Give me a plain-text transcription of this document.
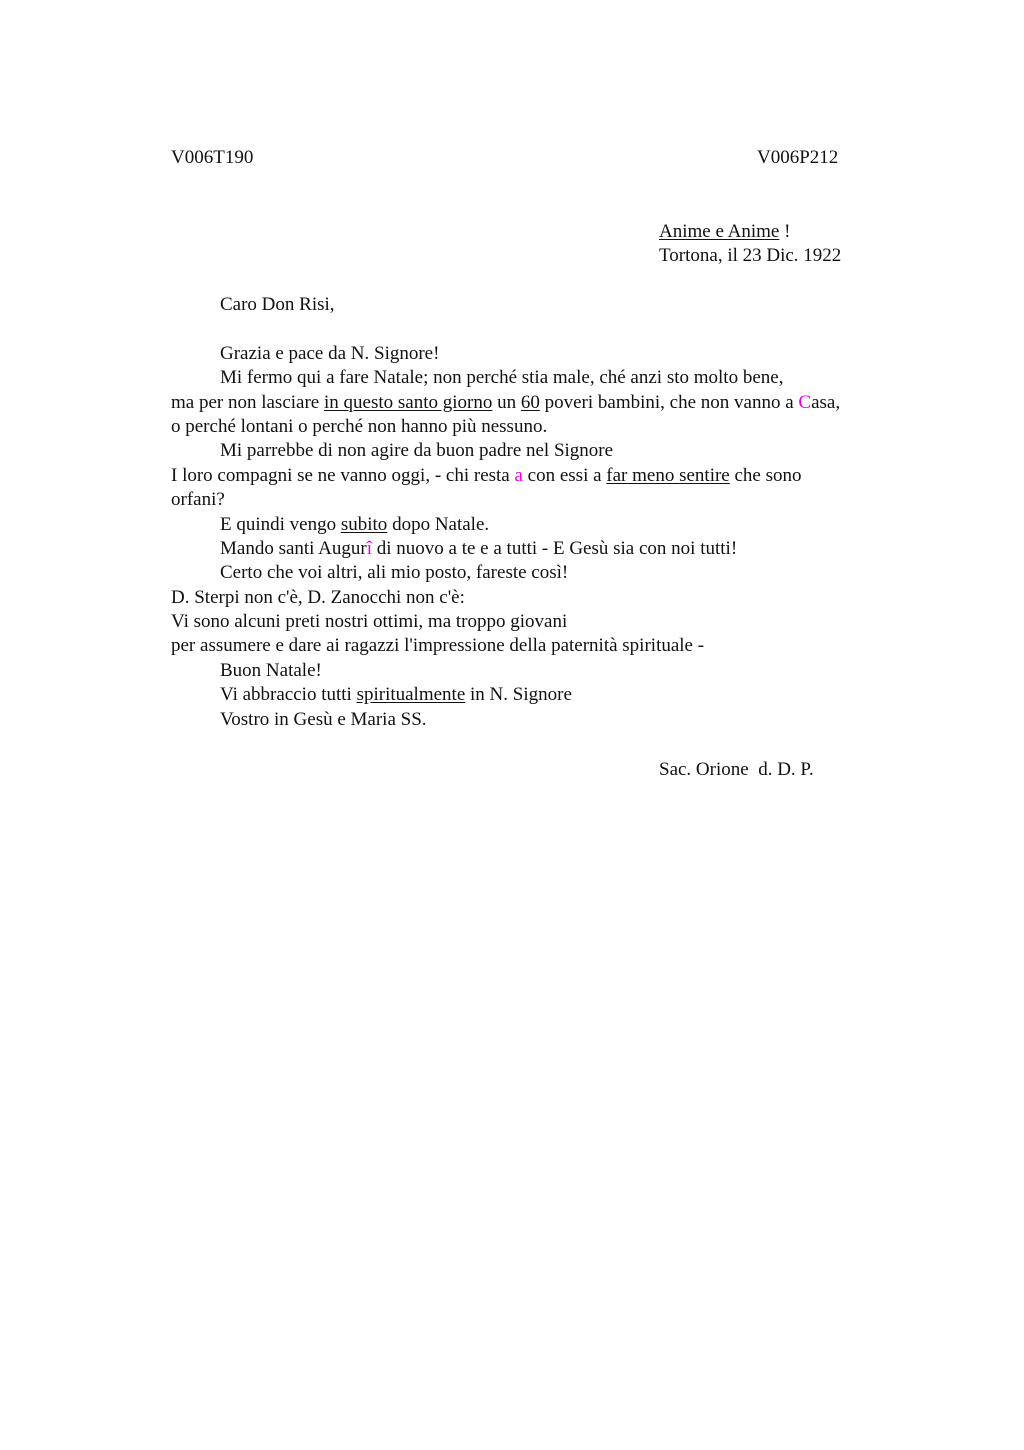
V006T190	V006P212
Anime e Anime !
Tortona, il 23 Dic. 1922
Caro Don Risi,
Grazia e pace da N. Signore!
Mi fermo qui a fare Natale; non perché stia male, ché anzi sto molto bene,
ma per non lasciare in questo santo giorno un 60 poveri bambini, che non vanno a Casa,
o perché lontani o perché non hanno più nessuno.
Mi parrebbe di non agire da buon padre nel Signore
I loro compagni se ne vanno oggi, - chi resta a con essi a far meno sentire che sono
orfani?
E quindi vengo subito dopo Natale.
Mando santi Augurî di nuovo a te e a tutti - E Gesù sia con noi tutti!
Certo che voi altri, ali mio posto, fareste così!
D. Sterpi non c'è, D. Zanocchi non c'è:
Vi sono alcuni preti nostri ottimi, ma troppo giovani
per assumere e dare ai ragazzi l'impressione della paternità spirituale -
Buon Natale!
Vi abbraccio tutti spiritualmente in N. Signore
Vostro in Gesù e Maria SS.
Sac. Orione  d. D. P.
